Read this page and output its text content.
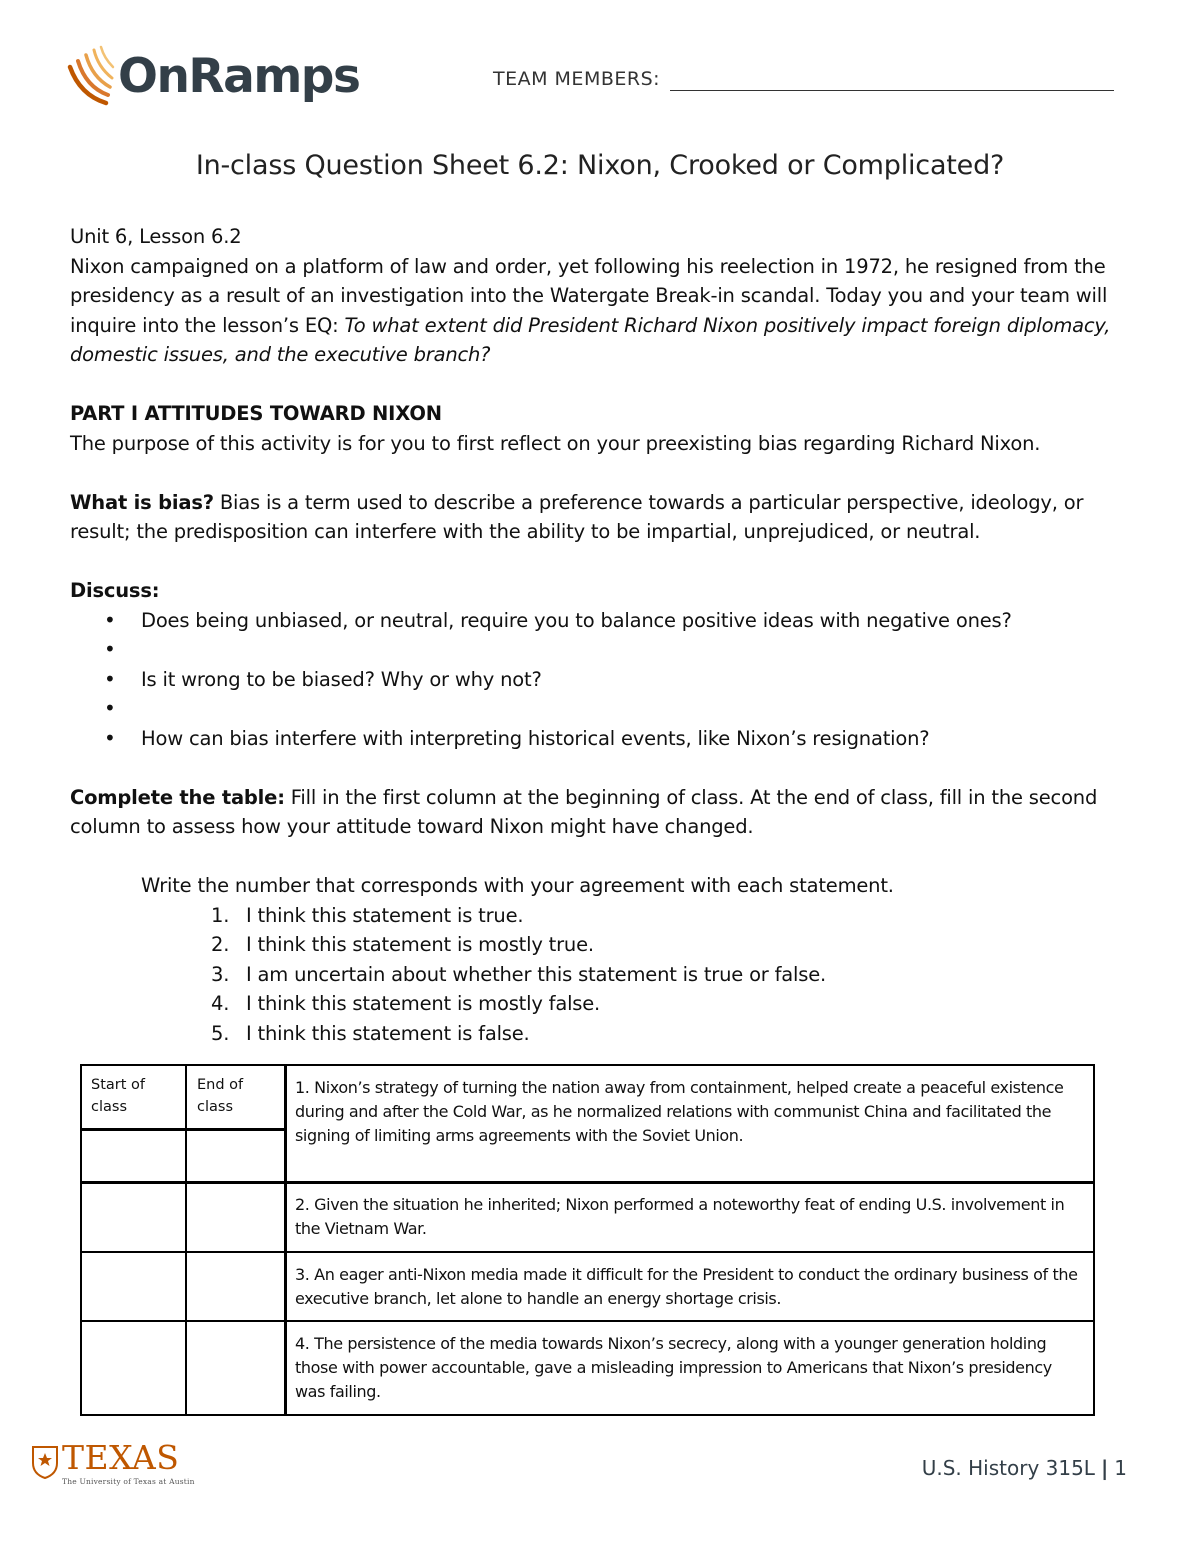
OnRamps	TEAM MEMBERS:
In-class Question Sheet 6.2: Nixon, Crooked or Complicated?

Unit 6, Lesson 6.2

Nixon campaigned on a platform of law and order, yet following his reelection in 1972, he resigned from the presidency as a result of an investigation into the Watergate Break-in scandal. Today you and your team will inquire into the lesson’s EQ: To what extent did President Richard Nixon positively impact foreign diplomacy, domestic issues, and the executive branch?

PART I ATTITUDES TOWARD NIXON

The purpose of this activity is for you to first reflect on your preexisting bias regarding Richard Nixon.

What is bias? Bias is a term used to describe a preference towards a particular perspective, ideology, or result; the predisposition can interfere with the ability to be impartial, unprejudiced, or neutral.

Discuss:

• Does being unbiased, or neutral, require you to balance positive ideas with negative ones?
•
• Is it wrong to be biased? Why or why not?
•
• How can bias interfere with interpreting historical events, like Nixon’s resignation?

Complete the table: Fill in the first column at the beginning of class. At the end of class, fill in the second column to assess how your attitude toward Nixon might have changed.

Write the number that corresponds with your agreement with each statement.

1. I think this statement is true.
2. I think this statement is mostly true.
3. I am uncertain about whether this statement is true or false.
4. I think this statement is mostly false.
5. I think this statement is false.
Start of class
End of class
1. Nixon’s strategy of turning the nation away from containment, helped create a peaceful existence during and after the Cold War, as he normalized relations with communist China and facilitated the signing of limiting arms agreements with the Soviet Union.
2. Given the situation he inherited; Nixon performed a noteworthy feat of ending U.S. involvement in the Vietnam War.
3. An eager anti-Nixon media made it difficult for the President to conduct the ordinary business of the executive branch, let alone to handle an energy shortage crisis.
4. The persistence of the media towards Nixon’s secrecy, along with a younger generation holding those with power accountable, gave a misleading impression to Americans that Nixon’s presidency was failing.
TEXAS
The University of Texas at Austin
U.S. History 315L | 1
